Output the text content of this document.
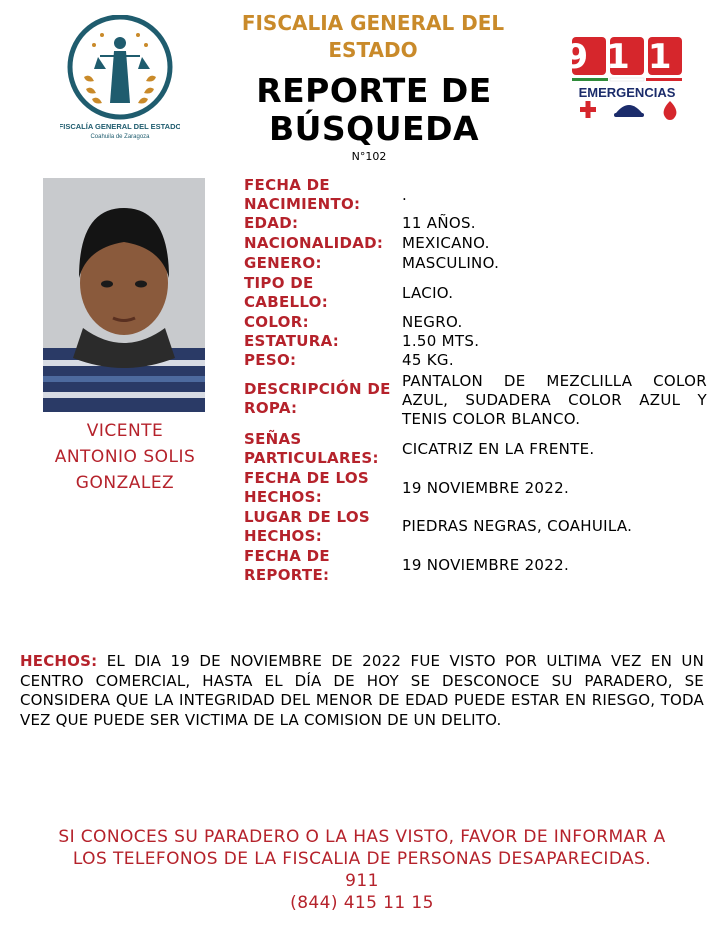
FISCALÍA GENERAL DEL ESTADO
Coahuila de Zaragoza
FISCALIA GENERAL DEL ESTADO
REPORTE DE BÚSQUEDA
N°102
911
EMERGENCIAS
VICENTE
ANTONIO SOLIS
GONZALEZ
FECHA DE NACIMIENTO:	.
EDAD:	11 AÑOS.
NACIONALIDAD:	MEXICANO.
GENERO:	MASCULINO.
TIPO DE CABELLO:	LACIO.
COLOR:	NEGRO.
ESTATURA:	1.50 MTS.
PESO:	45 KG.
DESCRIPCIÓN DE ROPA:
PANTALON DE MEZCLILLA COLOR AZUL, SUDADERA COLOR AZUL Y TENIS COLOR BLANCO.
SEÑAS PARTICULARES:	CICATRIZ EN LA FRENTE.
FECHA DE LOS HECHOS:	19 NOVIEMBRE 2022.
LUGAR DE LOS HECHOS:
PIEDRAS NEGRAS, COAHUILA.
FECHA DE REPORTE:
19 NOVIEMBRE 2022.
HECHOS: EL DIA 19 DE NOVIEMBRE DE 2022 FUE VISTO POR ULTIMA VEZ EN UN CENTRO COMERCIAL, HASTA EL DÍA DE HOY SE DESCONOCE SU PARADERO, SE CONSIDERA QUE LA INTEGRIDAD DEL MENOR DE EDAD PUEDE ESTAR EN RIESGO, TODA VEZ QUE PUEDE SER VICTIMA DE LA COMISION DE UN DELITO.
SI CONOCES SU PARADERO O LA HAS VISTO, FAVOR DE INFORMAR A
LOS TELEFONOS DE LA FISCALIA DE PERSONAS DESAPARECIDAS.
911
(844) 415 11 15
